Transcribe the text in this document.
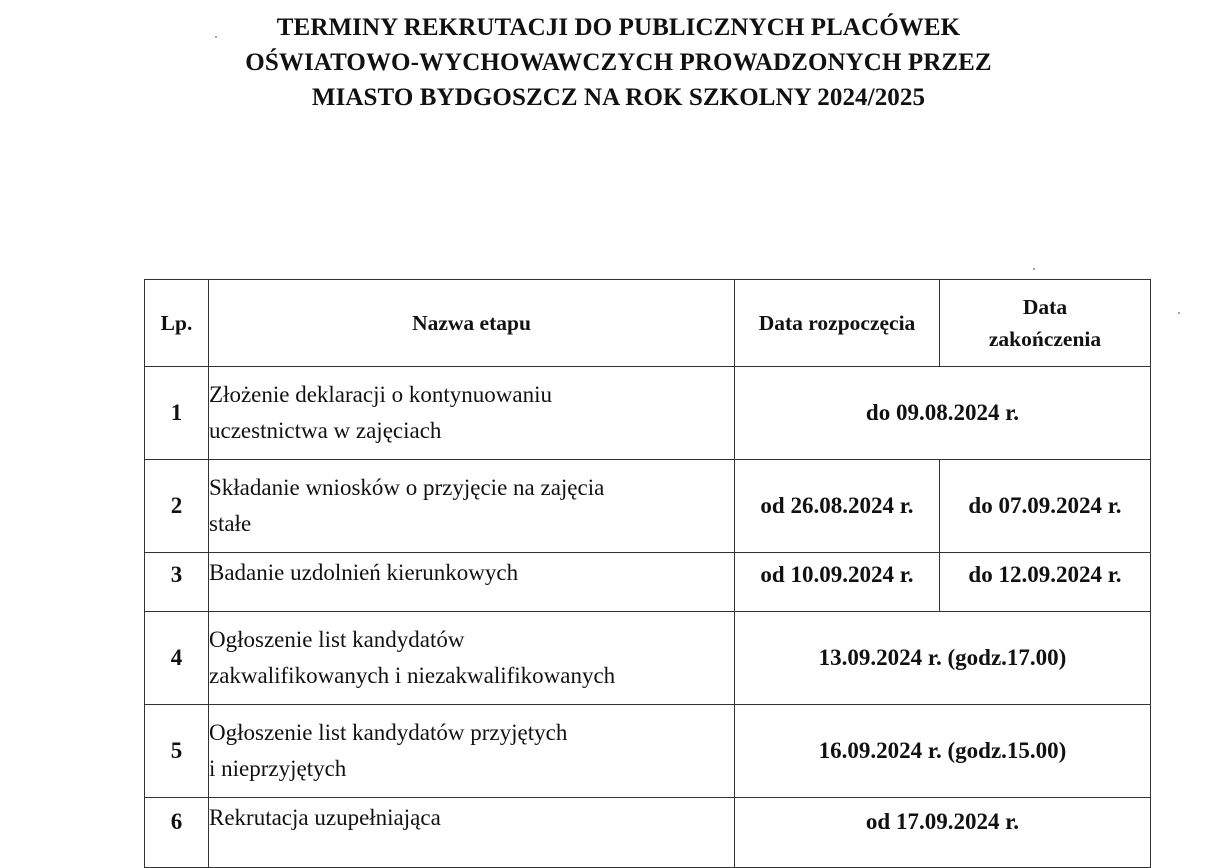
TERMINY REKRUTACJI DO PUBLICZNYCH PLACÓWEK
OŚWIATOWO-WYCHOWAWCZYCH PROWADZONYCH PRZEZ
MIASTO BYDGOSZCZ NA ROK SZKOLNY 2024/2025
Lp.	Nazwa etapu	Data rozpoczęcia	Data
zakończenia

1	Złożenie deklaracji o kontynuowaniu
uczestnictwa w zajęciach	do 09.08.2024 r.	
2	Składanie wniosków o przyjęcie na zajęcia
stałe	od 26.08.2024 r.	do 07.09.2024 r.
3	Badanie uzdolnień kierunkowych	od 10.09.2024 r.	do 12.09.2024 r.
4	Ogłoszenie list kandydatów
zakwalifikowanych i niezakwalifikowanych	13.09.2024 r. (godz.17.00)	
5	Ogłoszenie list kandydatów przyjętych
i nieprzyjętych	16.09.2024 r. (godz.15.00)	
6	Rekrutacja uzupełniająca	od 17.09.2024 r.	
